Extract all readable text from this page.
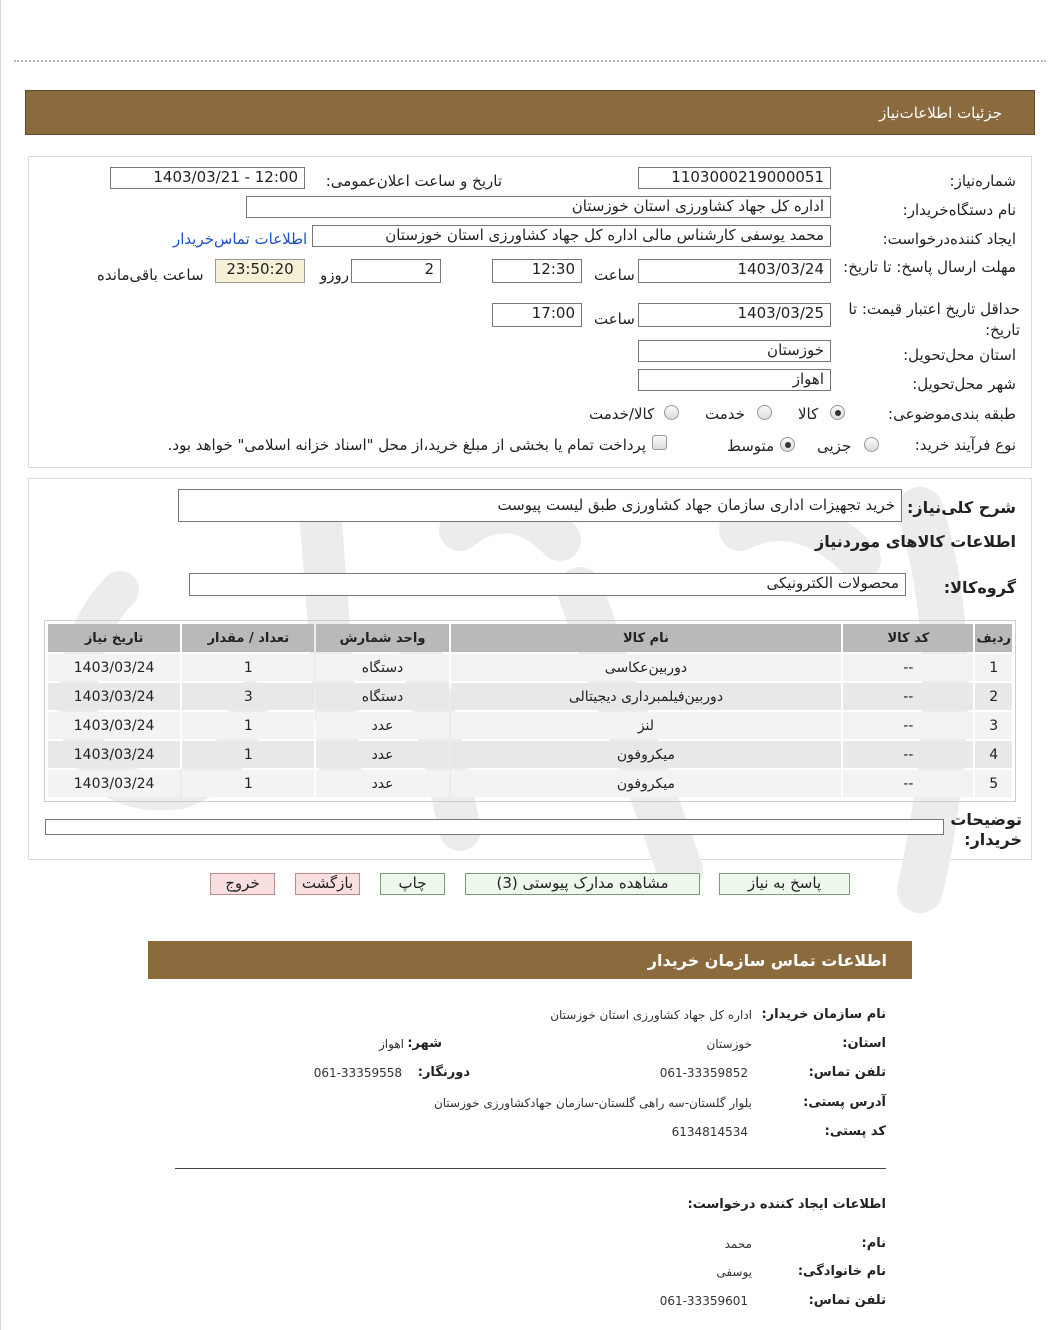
جزئیات اطلاعات‌نیاز
شماره‌نیاز:
1103000219000051
تاریخ و ساعت اعلان‌عمومی:
1403/03/21 - 12:00
نام دستگاه‌خریدار:
اداره کل جهاد کشاورزی استان خوزستان
ایجاد کننده‌درخواست:
محمد یوسفی کارشناس مالی اداره کل جهاد کشاورزی استان خوزستان
اطلاعات تماس‌خریدار
مهلت ارسال پاسخ: تا تاریخ:
1403/03/24
ساعت
12:30
2
روزو
23:50:20
ساعت باقی‌مانده
حداقل تاریخ اعتبار قیمت: تا تاریخ:
1403/03/25
ساعت
17:00
استان محل‌تحویل:
خوزستان
شهر محل‌تحویل:
اهواز
طبقه بندی‌موضوعی:
کالا
خدمت
کالا/خدمت
نوع فرآیند خرید:
جزیی
متوسط
پرداخت تمام یا بخشی از مبلغ خرید،از محل "اسناد خزانه اسلامی" خواهد بود.
شرح کلی‌نیاز:
خرید تجهیزات اداری سازمان جهاد کشاورزی طبق لیست پیوست
اطلاعات کالاهای موردنیاز
گروه‌کالا:
محصولات الکترونیکی
ردیف	کد کالا	نام کالا	واحد شمارش	تعداد / مقدار	تاریخ نیاز
1	--	دوربین‌عکاسی	دستگاه	1	1403/03/24
2	--	دوربین‌فیلمبرداری دیجیتالی	دستگاه	3	1403/03/24
3	--	لنز	عدد	1	1403/03/24
4	--	میکروفون	عدد	1	1403/03/24
5	--	میکروفون	عدد	1	1403/03/24
توضیحات خریدار:
پاسخ به نیاز
مشاهده مدارک پیوستی (3)
چاپ
بازگشت
خروج
اطلاعات تماس سازمان خریدار
نام سازمان خریدار:
اداره کل جهاد کشاورزی استان خوزستان
استان:
خوزستان
شهر:
اهواز
تلفن تماس:
061-33359852
دورنگار:
061-33359558
آدرس پستی:
بلوار گلستان-سه راهی گلستان-سازمان جهادکشاورزی خوزستان
کد پستی:
6134814534
اطلاعات ایجاد کننده درخواست:
نام:
محمد
نام خانوادگی:
یوسفی
تلفن تماس:
061-33359601
